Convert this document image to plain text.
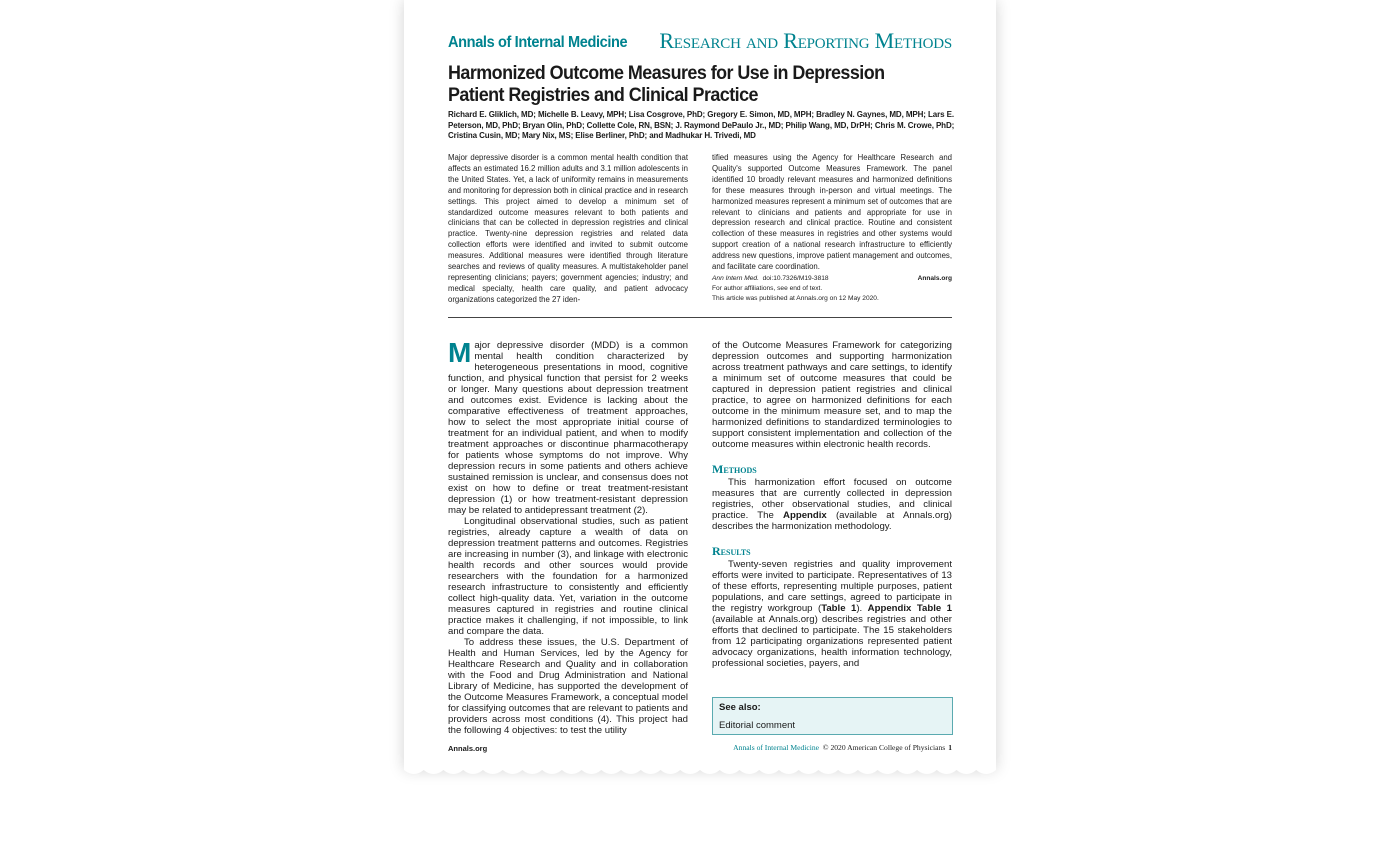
Annals of Internal Medicine Research and Reporting Methods
Harmonized Outcome Measures for Use in Depression Patient Registries and Clinical Practice
Richard E. Gliklich, MD; Michelle B. Leavy, MPH; Lisa Cosgrove, PhD; Gregory E. Simon, MD, MPH; Bradley N. Gaynes, MD, MPH; Lars E. Peterson, MD, PhD; Bryan Olin, PhD; Collette Cole, RN, BSN; J. Raymond DePaulo Jr., MD; Philip Wang, MD, DrPH; Chris M. Crowe, PhD; Cristina Cusin, MD; Mary Nix, MS; Elise Berliner, PhD; and Madhukar H. Trivedi, MD
Major depressive disorder is a common mental health condition that affects an estimated 16.2 million adults and 3.1 million adolescents in the United States. Yet, a lack of uniformity remains in measurements and monitoring for depression both in clinical practice and in research settings. This project aimed to develop a minimum set of standardized outcome measures relevant to both patients and clinicians that can be collected in depression registries and clinical practice. Twenty-nine depression registries and related data collection efforts were identified and invited to submit outcome measures. Additional measures were identified through literature searches and reviews of quality measures. A multistakeholder panel representing clinicians; payers; government agencies; industry; and medical specialty, health care quality, and patient advocacy organizations categorized the 27 iden-
tified measures using the Agency for Healthcare Research and Quality's supported Outcome Measures Framework. The panel identified 10 broadly relevant measures and harmonized definitions for these measures through in-person and virtual meetings. The harmonized measures represent a minimum set of outcomes that are relevant to clinicians and patients and appropriate for use in depression research and clinical practice. Routine and consistent collection of these measures in registries and other systems would support creation of a national research infrastructure to efficiently address new questions, improve patient management and outcomes, and facilitate care coordination.
Ann Intern Med. doi:10.7326/M19-3818	Annals.org
For author affiliations, see end of text.
This article was published at Annals.org on 12 May 2020.

Major depressive disorder (MDD) is a common mental health condition characterized by heterogeneous presentations in mood, cognitive function, and physical function that persist for 2 weeks or longer. Many questions about depression treatment and outcomes exist. Evidence is lacking about the comparative effectiveness of treatment approaches, how to select the most appropriate initial course of treatment for an individual patient, and when to modify treatment approaches or discontinue pharmacotherapy for patients whose symptoms do not improve. Why depression recurs in some patients and others achieve sustained remission is unclear, and consensus does not exist on how to define or treat treatment-resistant depression (1) or how treatment-resistant depression may be related to antidepressant treatment (2).

Longitudinal observational studies, such as patient registries, already capture a wealth of data on depression treatment patterns and outcomes. Registries are increasing in number (3), and linkage with electronic health records and other sources would provide researchers with the foundation for a harmonized research infrastructure to consistently and efficiently collect high-quality data. Yet, variation in the outcome measures captured in registries and routine clinical practice makes it challenging, if not impossible, to link and compare the data.

To address these issues, the U.S. Department of Health and Human Services, led by the Agency for Healthcare Research and Quality and in collaboration with the Food and Drug Administration and National Library of Medicine, has supported the development of the Outcome Measures Framework, a conceptual model for classifying outcomes that are relevant to patients and providers across most conditions (4). This project had the following 4 objectives: to test the utility

of the Outcome Measures Framework for categorizing depression outcomes and supporting harmonization across treatment pathways and care settings, to identify a minimum set of outcome measures that could be captured in depression patient registries and clinical practice, to agree on harmonized definitions for each outcome in the minimum measure set, and to map the harmonized definitions to standardized terminologies to support consistent implementation and collection of the outcome measures within electronic health records.

Methods

This harmonization effort focused on outcome measures that are currently collected in depression registries, other observational studies, and clinical practice. The Appendix (available at Annals.org) describes the harmonization methodology.

Results

Twenty-seven registries and quality improvement efforts were invited to participate. Representatives of 13 of these efforts, representing multiple purposes, patient populations, and care settings, agreed to participate in the registry workgroup (Table 1). Appendix Table 1 (available at Annals.org) describes registries and other efforts that declined to participate. The 15 stakeholders from 12 participating organizations represented patient advocacy organizations, health information technology, professional societies, payers, and

See also:
Editorial comment
Annals.org	Annals of Internal Medicine © 2020 American College of Physicians 1
